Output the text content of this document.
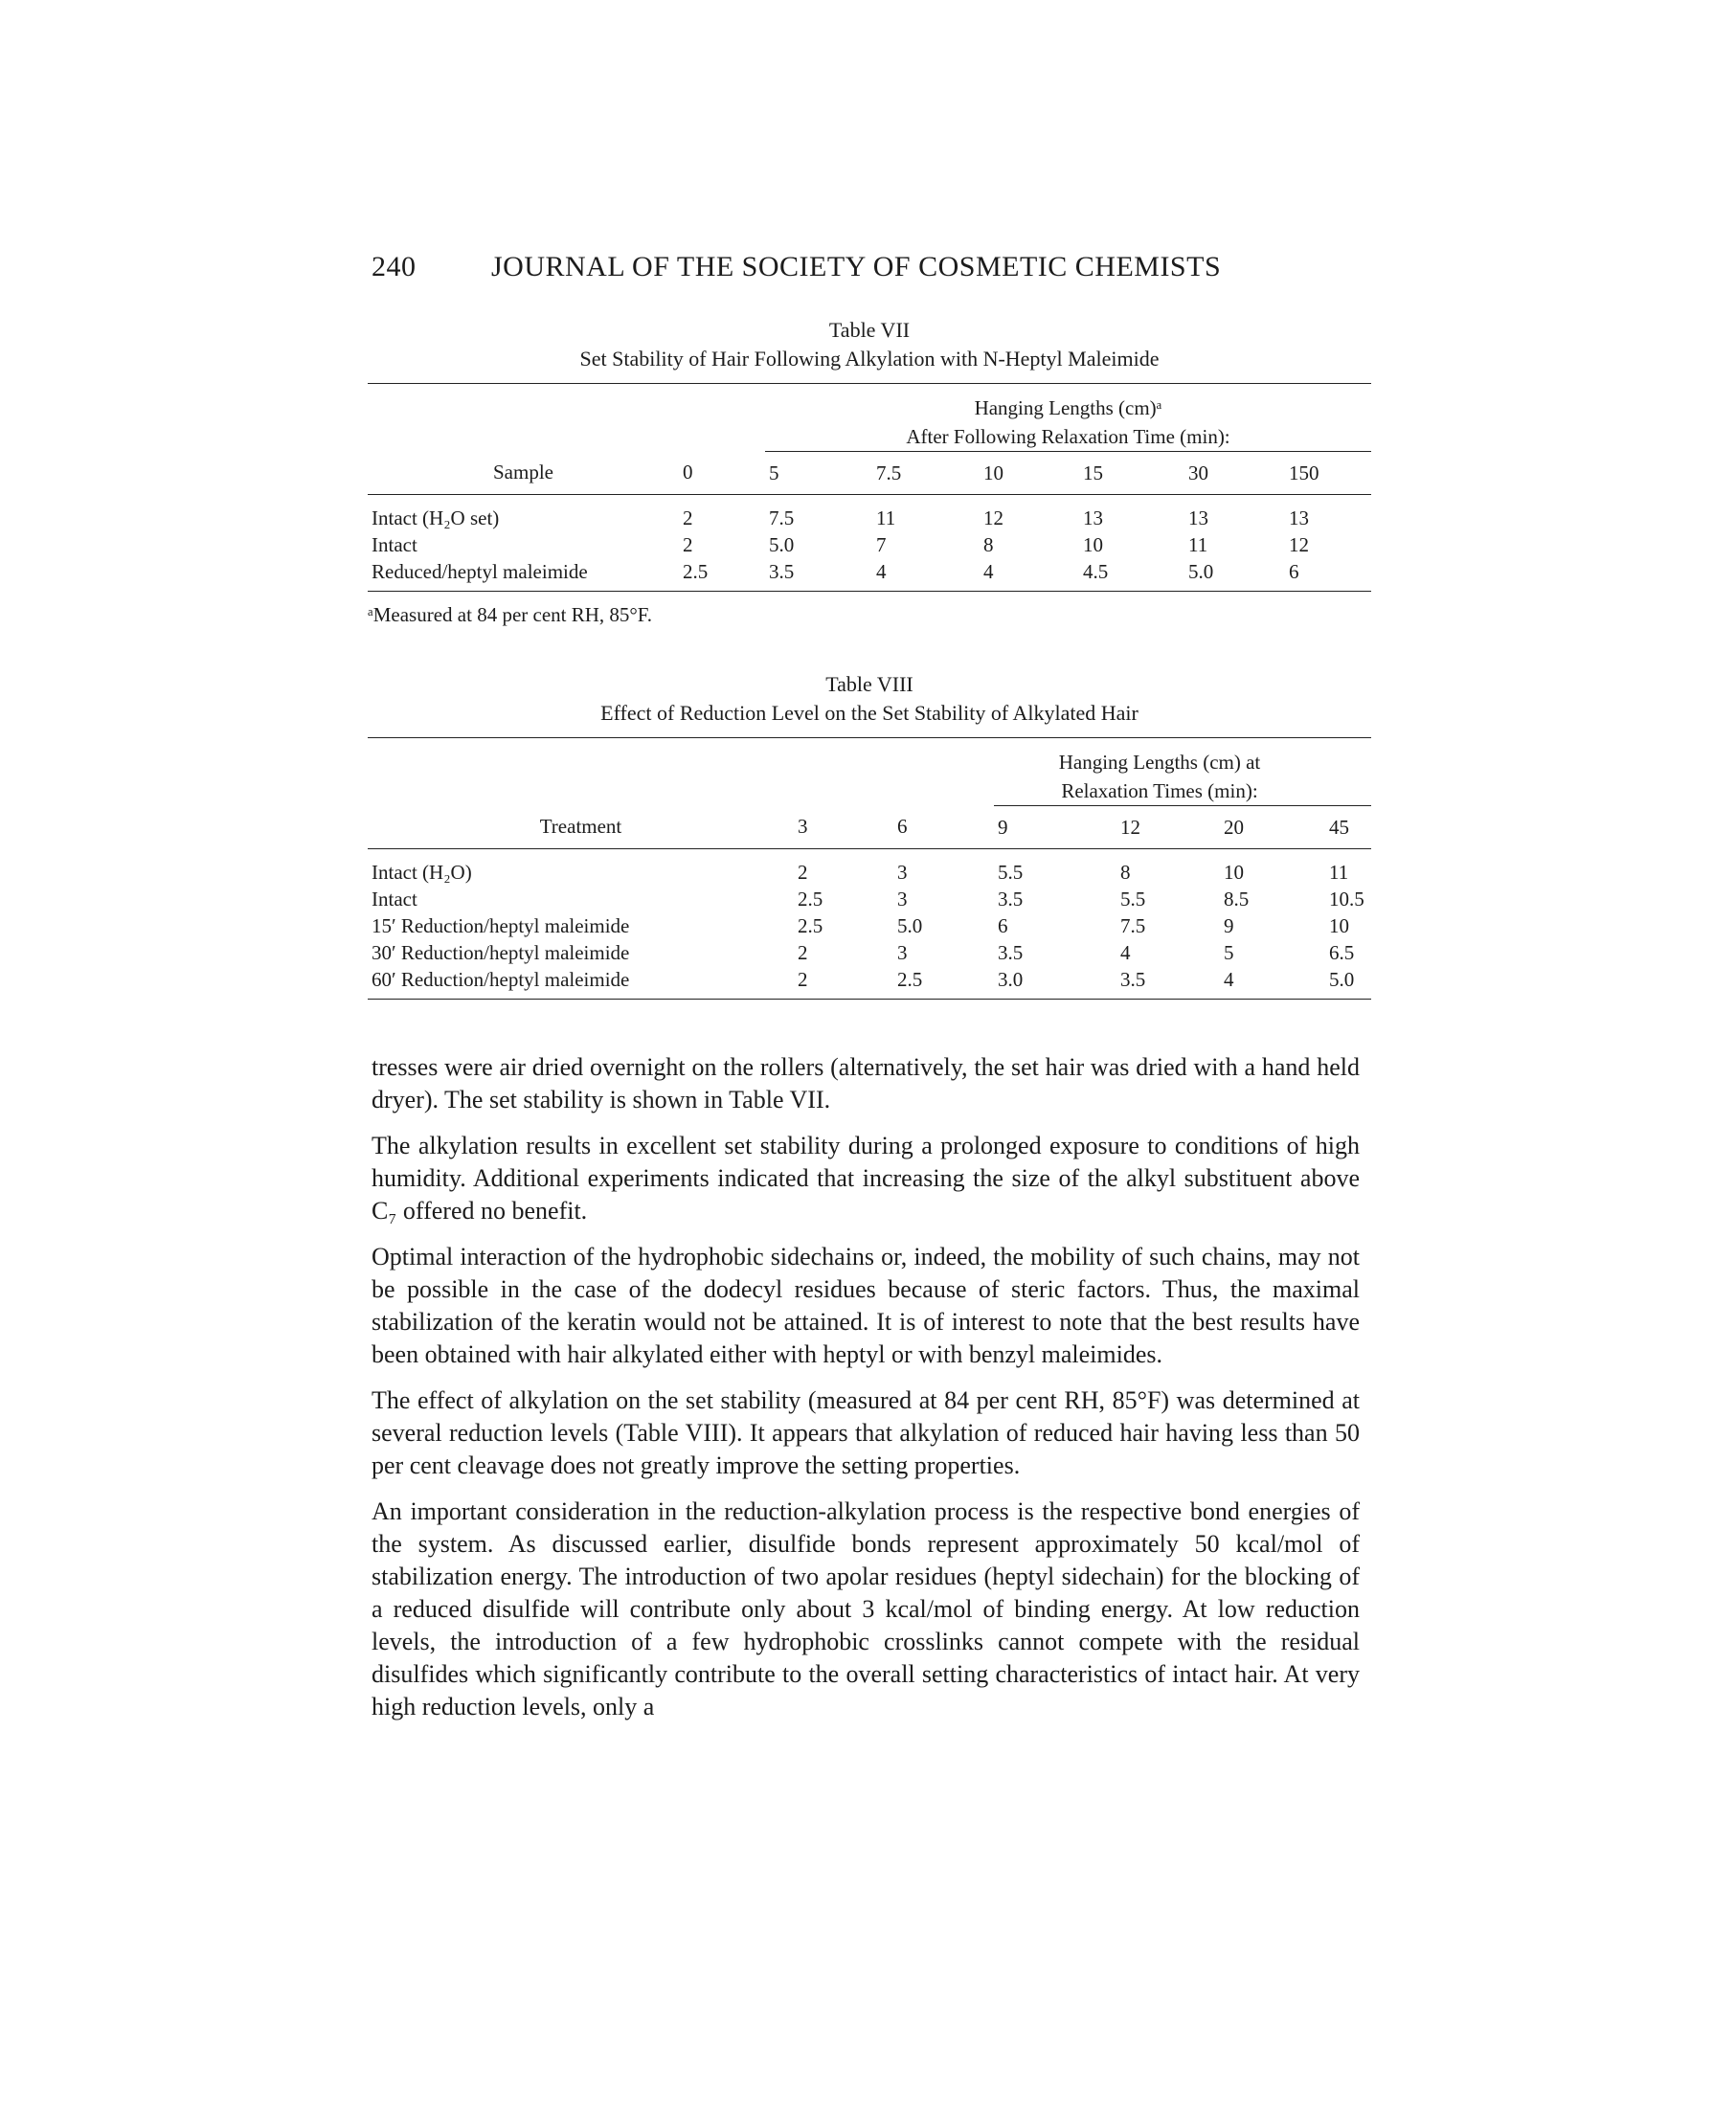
240	JOURNAL OF THE SOCIETY OF COSMETIC CHEMISTS
Table VII
Set Stability of Hair Following Alkylation with N-Heptyl Maleimide

		Hanging Lengths (cm)ᵃ
After Following Relaxation Time (min):					

Sample	0	5	7.5	10	15	30	150
Intact (H₂O set)	2	7.5	11	12	13	13	13
Intact	2	5.0	7	8	10	11	12
Reduced/heptyl maleimide	2.5	3.5	4	4	4.5	5.0	6

ᵃMeasured at 84 per cent RH, 85°F.
Table VIII
Effect of Reduction Level on the Set Stability of Alkylated Hair

			Hanging Lengths (cm) at
Relaxation Times (min):			

Treatment	3	6	9	12	20	45
Intact (H₂O)	2	3	5.5	8	10	11
Intact	2.5	3	3.5	5.5	8.5	10.5
15′ Reduction/heptyl maleimide	2.5	5.0	6	7.5	9	10
30′ Reduction/heptyl maleimide	2	3	3.5	4	5	6.5
60′ Reduction/heptyl maleimide	2	2.5	3.0	3.5	4	5.0

tresses were air dried overnight on the rollers (alternatively, the set hair was dried with a hand held dryer). The set stability is shown in Table VII.

The alkylation results in excellent set stability during a prolonged exposure to conditions of high humidity. Additional experiments indicated that increasing the size of the alkyl substituent above C₇ offered no benefit.

Optimal interaction of the hydrophobic sidechains or, indeed, the mobility of such chains, may not be possible in the case of the dodecyl residues because of steric factors. Thus, the maximal stabilization of the keratin would not be attained. It is of interest to note that the best results have been obtained with hair alkylated either with heptyl or with benzyl maleimides.

The effect of alkylation on the set stability (measured at 84 per cent RH, 85°F) was determined at several reduction levels (Table VIII). It appears that alkylation of reduced hair having less than 50 per cent cleavage does not greatly improve the setting properties.

An important consideration in the reduction-alkylation process is the respective bond energies of the system. As discussed earlier, disulfide bonds represent approximately 50 kcal/mol of stabilization energy. The introduction of two apolar residues (heptyl sidechain) for the blocking of a reduced disulfide will contribute only about 3 kcal/mol of binding energy. At low reduction levels, the introduction of a few hydrophobic crosslinks cannot compete with the residual disulfides which significantly contribute to the overall setting characteristics of intact hair. At very high reduction levels, only a
